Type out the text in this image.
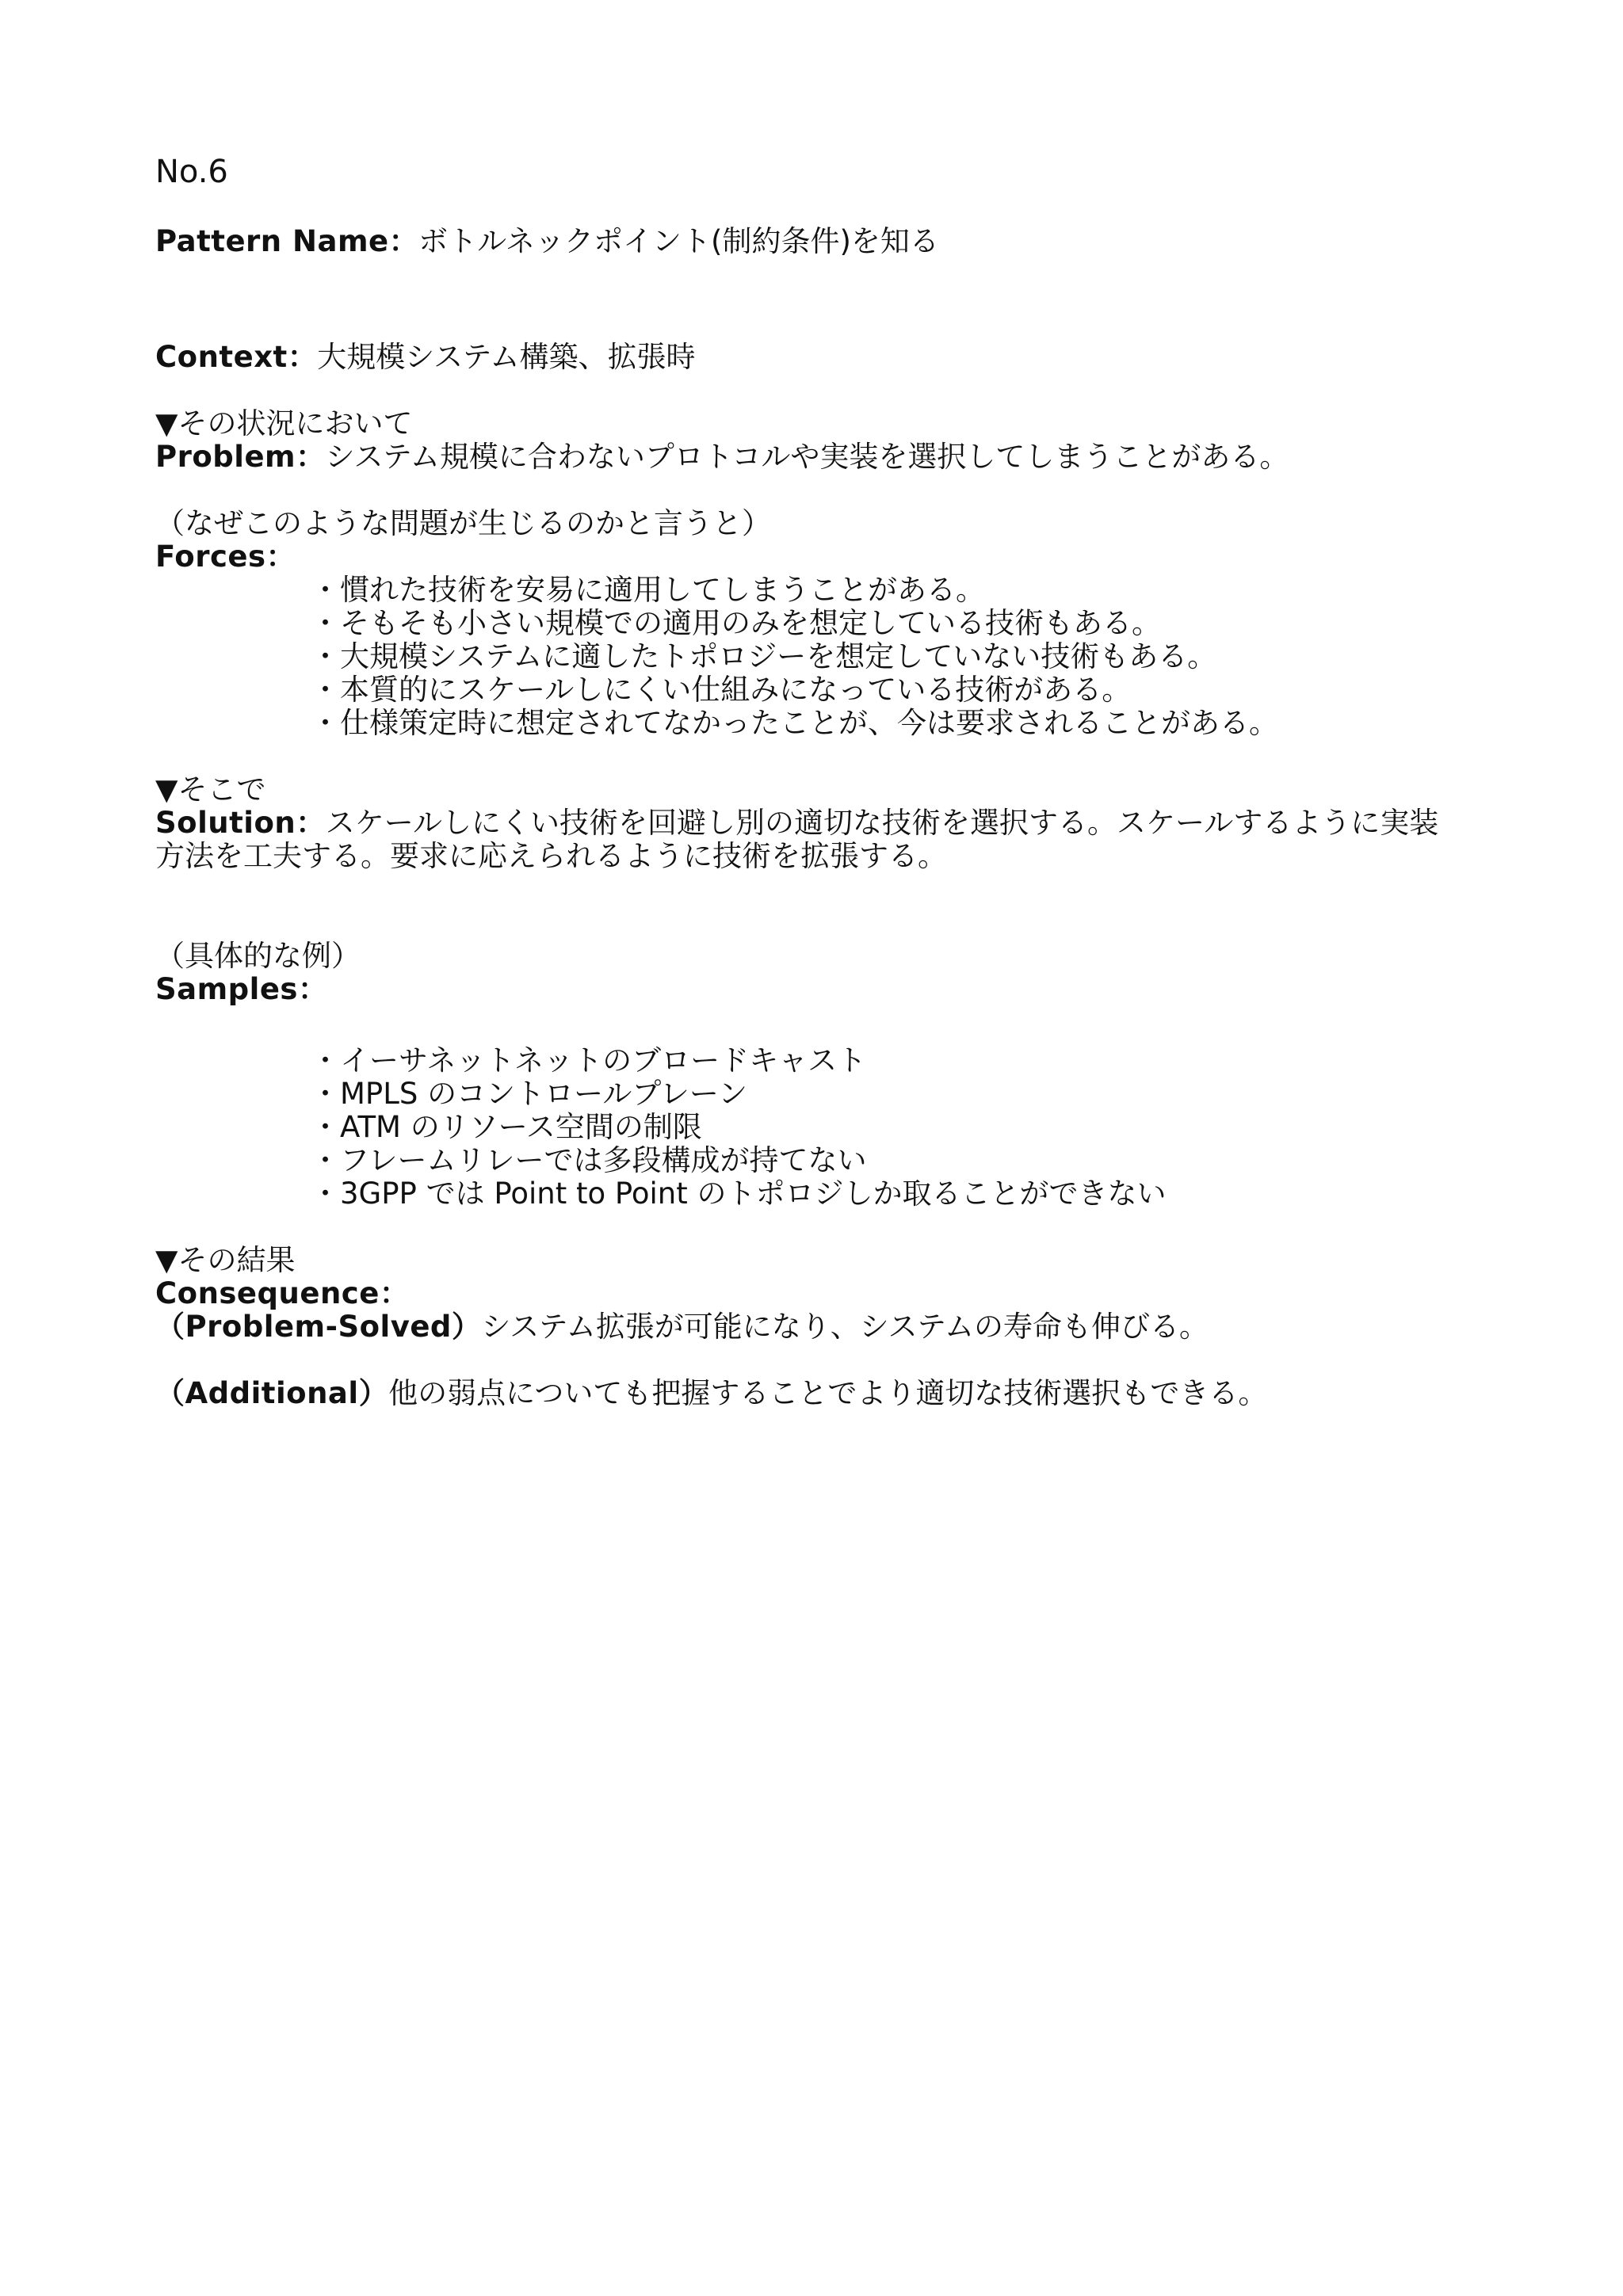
No.6
Pattern Name：ボトルネックポイント(制約条件)を知る
Context：大規模システム構築、拡張時
▼その状況において
Problem：システム規模に合わないプロトコルや実装を選択してしまうことがある。
（なぜこのような問題が生じるのかと言うと）
Forces：
・慣れた技術を安易に適用してしまうことがある。
・そもそも小さい規模での適用のみを想定している技術もある。
・大規模システムに適したトポロジーを想定していない技術もある。
・本質的にスケールしにくい仕組みになっている技術がある。
・仕様策定時に想定されてなかったことが、今は要求されることがある。
▼そこで
Solution：スケールしにくい技術を回避し別の適切な技術を選択する。スケールするように実装
方法を工夫する。要求に応えられるように技術を拡張する。
（具体的な例）
Samples：
・イーサネットネットのブロードキャスト
・MPLS のコントロールプレーン
・ATM のリソース空間の制限
・フレームリレーでは多段構成が持てない
・3GPP では Point to Point のトポロジしか取ることができない
▼その結果
Consequence：
（Problem-Solved）システム拡張が可能になり、システムの寿命も伸びる。
（Additional）他の弱点についても把握することでより適切な技術選択もできる。
